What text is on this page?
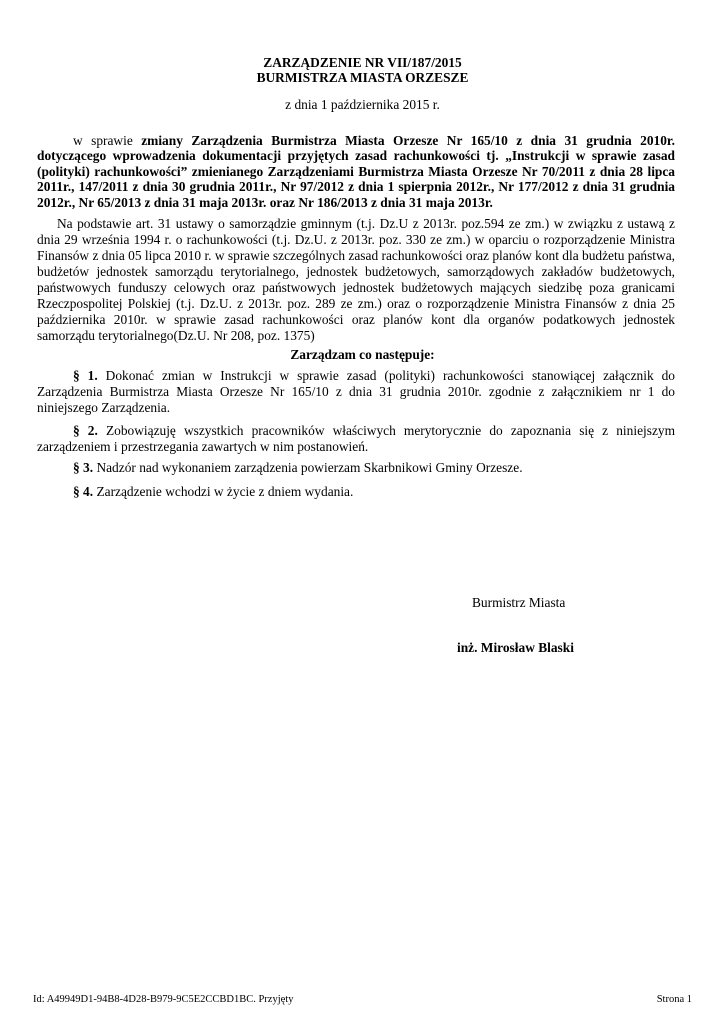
ZARZĄDZENIE NR VII/187/2015
BURMISTRZA MIASTA ORZESZE
z dnia 1 października 2015 r.
w sprawie zmiany Zarządzenia Burmistrza Miasta Orzesze Nr 165/10 z dnia 31 grudnia 2010r. dotyczącego wprowadzenia dokumentacji przyjętych zasad rachunkowości tj. „Instrukcji w sprawie zasad (polityki) rachunkowości” zmienianego Zarządzeniami Burmistrza Miasta Orzesze Nr 70/2011 z dnia 28 lipca 2011r., 147/2011 z dnia 30 grudnia 2011r., Nr 97/2012 z dnia 1 spierpnia 2012r., Nr 177/2012 z dnia 31 grudnia 2012r., Nr 65/2013 z dnia 31 maja 2013r. oraz Nr 186/2013 z dnia 31 maja 2013r.
Na podstawie art. 31 ustawy o samorządzie gminnym (t.j. Dz.U z 2013r. poz.594 ze zm.) w związku z ustawą z dnia 29 września 1994 r. o rachunkowości (t.j. Dz.U. z 2013r. poz. 330 ze zm.) w oparciu o rozporządzenie Ministra Finansów z dnia 05 lipca 2010 r. w sprawie szczególnych zasad rachunkowości oraz planów kont dla budżetu państwa, budżetów jednostek samorządu terytorialnego, jednostek budżetowych, samorządowych zakładów budżetowych, państwowych funduszy celowych oraz państwowych jednostek budżetowych mających siedzibę poza granicami Rzeczpospolitej Polskiej (t.j. Dz.U. z 2013r. poz. 289 ze zm.) oraz o rozporządzenie Ministra Finansów z dnia 25 października 2010r. w sprawie zasad rachunkowości oraz planów kont dla organów podatkowych jednostek samorządu terytorialnego(Dz.U. Nr 208, poz. 1375)
Zarządzam co następuje:
§ 1. Dokonać zmian w Instrukcji w sprawie zasad (polityki) rachunkowości stanowiącej załącznik do Zarządzenia Burmistrza Miasta Orzesze Nr 165/10 z dnia 31 grudnia 2010r. zgodnie z załącznikiem nr 1 do niniejszego Zarządzenia.
§ 2. Zobowiązuję wszystkich pracowników właściwych merytorycznie do zapoznania się z niniejszym zarządzeniem i przestrzegania zawartych w nim postanowień.
§ 3. Nadzór nad wykonaniem zarządzenia powierzam Skarbnikowi Gminy Orzesze.
§ 4. Zarządzenie wchodzi w życie z dniem wydania.
Burmistrz Miasta
inż. Mirosław Blaski
Id: A49949D1-94B8-4D28-B979-9C5E2CCBD1BC. Przyjęty	Strona 1
